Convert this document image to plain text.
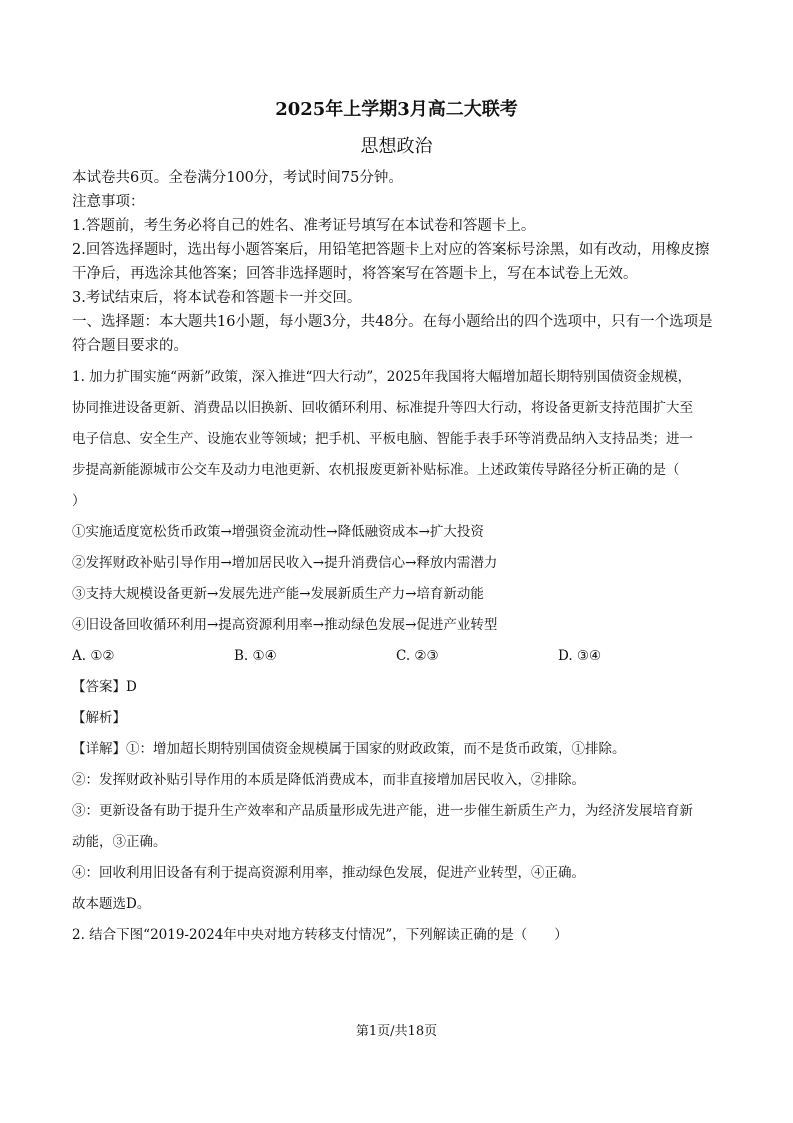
2025年上学期3月高二大联考

思想政治

本试卷共6页。全卷满分100分，考试时间75分钟。

注意事项：

1.答题前，考生务必将自己的姓名、准考证号填写在本试卷和答题卡上。

2.回答选择题时，选出每小题答案后，用铅笔把答题卡上对应的答案标号涂黑，如有改动，用橡皮擦干净后，再选涂其他答案；回答非选择题时，将答案写在答题卡上，写在本试卷上无效。

3.考试结束后，将本试卷和答题卡一并交回。

一、选择题：本大题共16小题，每小题3分，共48分。在每小题给出的四个选项中，只有一个选项是符合题目要求的。

1. 加力扩围实施“两新”政策，深入推进“四大行动”，2025年我国将大幅增加超长期特别国债资金规模，

协同推进设备更新、消费品以旧换新、回收循环利用、标准提升等四大行动，将设备更新支持范围扩大至

电子信息、安全生产、设施农业等领域；把手机、平板电脑、智能手表手环等消费品纳入支持品类；进一

步提高新能源城市公交车及动力电池更新、农机报废更新补贴标准。上述政策传导路径分析正确的是（

）

①实施适度宽松货币政策→增强资金流动性→降低融资成本→扩大投资

②发挥财政补贴引导作用→增加居民收入→提升消费信心→释放内需潜力

③支持大规模设备更新→发展先进产能→发展新质生产力→培育新动能

④旧设备回收循环利用→提高资源利用率→推动绿色发展→促进产业转型

A. ①②	B. ①④	C. ②③	D. ③④

【答案】D

【解析】

【详解】①：增加超长期特别国债资金规模属于国家的财政政策，而不是货币政策，①排除。

②：发挥财政补贴引导作用的本质是降低消费成本，而非直接增加居民收入，②排除。

③：更新设备有助于提升生产效率和产品质量形成先进产能，进一步催生新质生产力，为经济发展培育新

动能，③正确。

④：回收利用旧设备有利于提高资源利用率，推动绿色发展，促进产业转型，④正确。

故本题选D。

2. 结合下图“2019-2024年中央对地方转移支付情况”，下列解读正确的是（　　）

第1页/共18页
